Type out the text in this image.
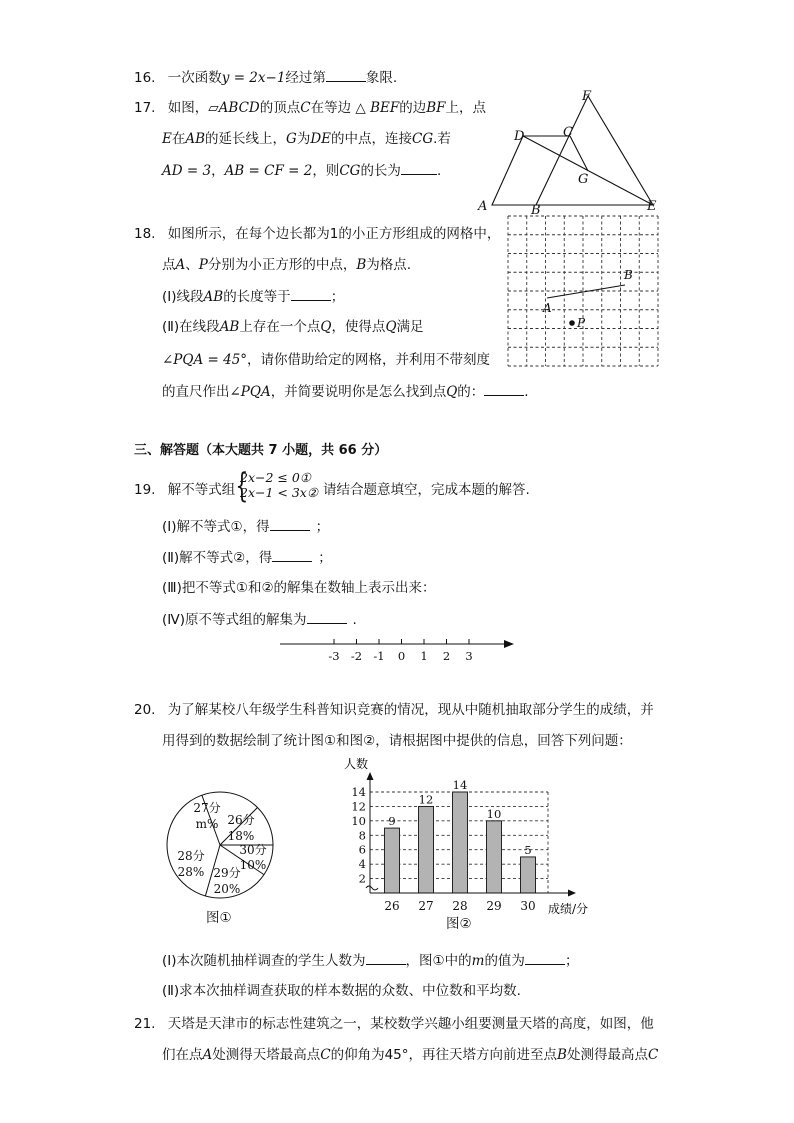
16. 一次函数y = 2x−1经过第	象限.
17. 如图，▱ABCD的顶点C在等边 △ BEF的边BF上，点
E在AB的延长线上，G为DE的中点，连接CG.若
AD = 3，AB = CF = 2，则CG的长为	.
F
D	C
G
A	B	E
18. 如图所示，在每个边长都为1的小正方形组成的网格中，
点A、P分别为小正方形的中点，B为格点.
(I)线段AB的长度等于	；
(Ⅱ)在线段AB上存在一个点Q，使得点Q满足
∠PQA = 45°，请你借助给定的网格，并利用不带刻度
的直尺作出∠PQA，并简要说明你是怎么找到点Q的：	.
A
B
P
三、解答题（本大题共 7 小题，共 66 分）
19. 解不等式组 {
2x−2 ≤ 0①
2x−1 < 3x② 请结合题意填空，完成本题的解答.
(Ⅰ)解不等式①，得	；
(Ⅱ)解不等式②，得	；
(Ⅲ)把不等式①和②的解集在数轴上表示出来：
(Ⅳ)原不等式组的解集为	.
-3 -2 -1 0 1 2 3
20. 为了解某校八年级学生科普知识竞赛的情况，现从中随机抽取部分学生的成绩，并
用得到的数据绘制了统计图①和图②，请根据图中提供的信息，回答下列问题：
27分
m% 26分
18%
30分
10%
29分
20%
28分
28%
图①
人数
2
4
6
8
10
12
14
9
12
14
10
5
26 27 28 29 30 成绩/分
图②
(Ⅰ)本次随机抽样调查的学生人数为	，图①中的m的值为	；
(Ⅱ)求本次抽样调查获取的样本数据的众数、中位数和平均数.
21. 天塔是天津市的标志性建筑之一，某校数学兴趣小组要测量天塔的高度，如图，他
们在点A处测得天塔最高点C的仰角为45°，再往天塔方向前进至点B处测得最高点C
